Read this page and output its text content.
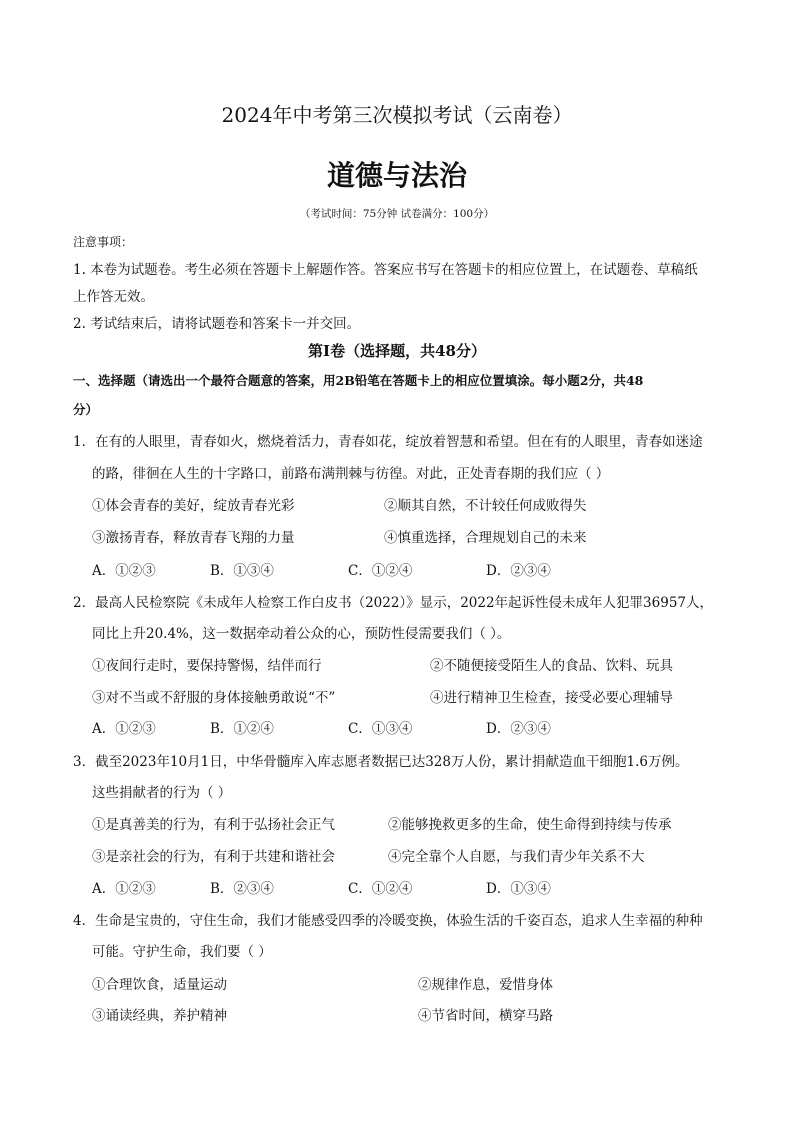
2024年中考第三次模拟考试（云南卷）
道德与法治
（考试时间：75分钟 试卷满分：100分）
注意事项：
1. 本卷为试题卷。考生必须在答题卡上解题作答。答案应书写在答题卡的相应位置上，在试题卷、草稿纸
上作答无效。
2. 考试结束后，请将试题卷和答案卡一并交回。
第Ⅰ卷（选择题，共48分）
一、选择题（请选出一个最符合题意的答案，用2B铅笔在答题卡上的相应位置填涂。每小题2分，共48
分）
1．在有的人眼里，青春如火，燃烧着活力，青春如花，绽放着智慧和希望。但在有的人眼里，青春如迷途
的路，徘徊在人生的十字路口，前路布满荆棘与彷徨。对此，正处青春期的我们应（ ）
①体会青春的美好，绽放青春光彩	②顺其自然，不计较任何成败得失
③激扬青春，释放青春飞翔的力量	④慎重选择，合理规划自己的未来
A．①②③	B．①③④	C．①②④	D．②③④
2．最高人民检察院《未成年人检察工作白皮书（2022）》显示，2022年起诉性侵未成年人犯罪36957人，
同比上升20.4%，这一数据牵动着公众的心，预防性侵需要我们（ ）。
①夜间行走时，要保持警惕，结伴而行	②不随便接受陌生人的食品、饮料、玩具
③对不当或不舒服的身体接触勇敢说“不”	④进行精神卫生检查，接受必要心理辅导
A．①②③	B．①②④	C．①③④	D．②③④
3．截至2023年10月1日，中华骨髓库入库志愿者数据已达328万人份，累计捐献造血干细胞1.6万例。
这些捐献者的行为（ ）
①是真善美的行为，有利于弘扬社会正气	②能够挽救更多的生命，使生命得到持续与传承
③是亲社会的行为，有利于共建和谐社会	④完全靠个人自愿，与我们青少年关系不大
A．①②③	B．②③④	C．①②④	D．①③④
4．生命是宝贵的，守住生命，我们才能感受四季的冷暖变换，体验生活的千姿百态，追求人生幸福的种种
可能。守护生命，我们要（ ）
①合理饮食，适量运动	②规律作息，爱惜身体
③诵读经典，养护精神	④节省时间，横穿马路
